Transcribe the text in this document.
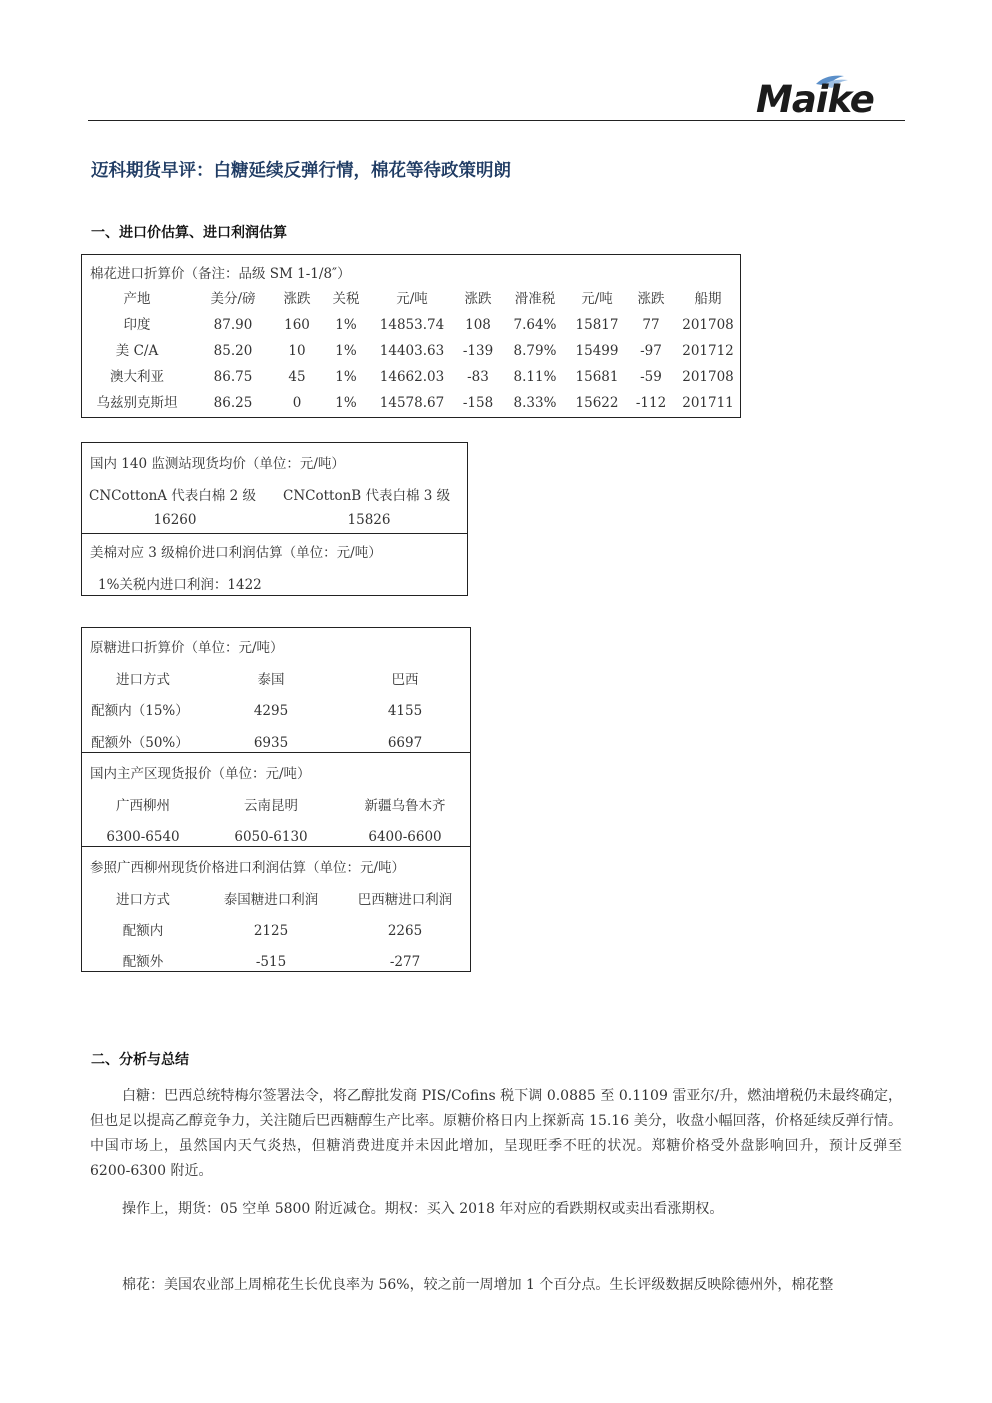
Maike
迈科期货早评：白糖延续反弹行情，棉花等待政策明朗
一、进口价估算、进口利润估算
棉花进口折算价（备注：品级 SM 1-1/8″）
产地	美分/磅 涨跌 关税	元/吨	涨跌 滑准税 元/吨 涨跌 船期
印度	87.90 160 1% 14853.74 108 7.64% 15817 77 201708
美 C/A	85.20	10 1% 14403.63 -139 8.79% 15499 -97 201712
澳大利亚	86.75	45 1% 14662.03 -83 8.11% 15681 -59 201708
乌兹别克斯坦	86.25	0	1% 14578.67 -158 8.33% 15622 -112 201711
国内 140 监测站现货均价（单位：元/吨）
CNCottonA 代表白棉 2 级 CNCottonB 代表白棉 3 级
16260	15826
美棉对应 3 级棉价进口利润估算（单位：元/吨）
1%关税内进口利润：1422
原糖进口折算价（单位：元/吨）
进口方式	泰国	巴西
配额内（15%）	4295	4155
配额外（50%）	6935	6697
国内主产区现货报价（单位：元/吨）
广西柳州	云南昆明	新疆乌鲁木齐
6300-6540	6050-6130	6400-6600
参照广西柳州现货价格进口利润估算（单位：元/吨）
进口方式	泰国糖进口利润	巴西糖进口利润
配额内	2125	2265
配额外	-515	-277
二、分析与总结

白糖：巴西总统特梅尔签署法令，将乙醇批发商 PIS/Cofins 税下调 0.0885 至 0.1109 雷亚尔/升，燃油增税仍未最终确定，但也足以提高乙醇竞争力，关注随后巴西糖醇生产比率。原糖价格日内上探新高 15.16 美分，收盘小幅回落，价格延续反弹行情。中国市场上，虽然国内天气炎热，但糖消费进度并未因此增加，呈现旺季不旺的状况。郑糖价格受外盘影响回升，预计反弹至 6200-6300 附近。

操作上，期货：05 空单 5800 附近减仓。期权：买入 2018 年对应的看跌期权或卖出看涨期权。

棉花：美国农业部上周棉花生长优良率为 56%，较之前一周增加 1 个百分点。生长评级数据反映除德州外，棉花整
